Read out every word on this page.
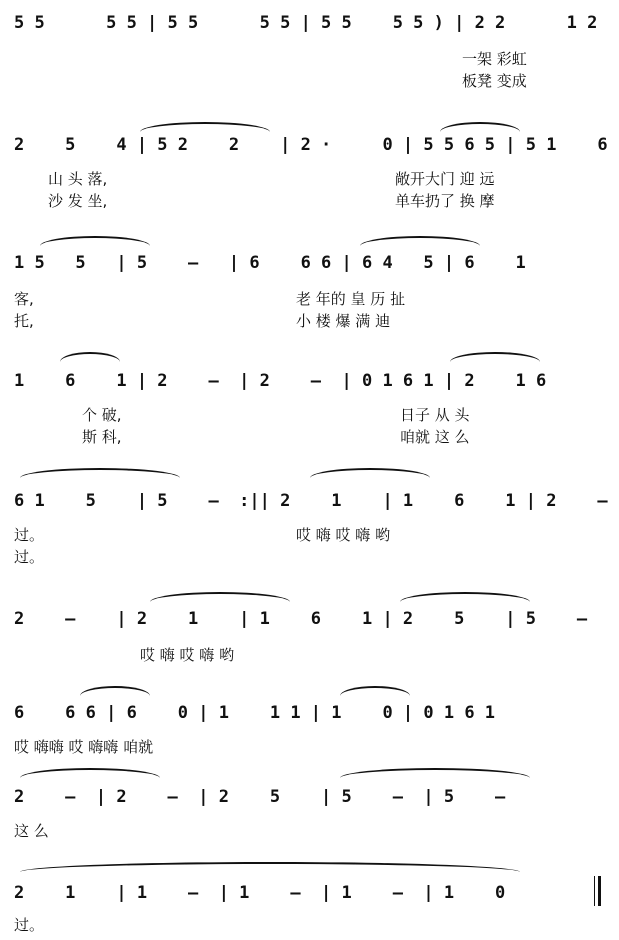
5 5      5 5 | 5 5      5 5 | 5 5    5 5 ) | 2 2      1 2
一架 彩虹
板凳 变成
2    5    4 | 5 2    2    | 2 ·     0 | 5 5 6 5 | 5 1    6
山 头 落,	敞开大门 迎 远
沙 发 坐,	单车扔了 换 摩
1 5   5   | 5    —   | 6    6 6 | 6 4   5 | 6    1
客,	老 年的 皇 历 扯
托,	小 楼 爆 满 迪
1    6    1 | 2    —  | 2    —  | 0 1 6 1 | 2    1 6
个 破,	日子 从 头
斯 科,	咱就 这 么
6 1    5    | 5    —  :|| 2    1    | 1    6    1 | 2    —
过。	哎 嗨 哎 嗨 哟
过。
2    —    | 2    1    | 1    6    1 | 2    5    | 5    —
哎 嗨 哎 嗨 哟
6    6 6 | 6    0 | 1    1 1 | 1    0 | 0 1 6 1
哎 嗨嗨 哎 嗨嗨 咱就
2    —  | 2    —  | 2    5    | 5    —  | 5    —
这 么
2    1    | 1    —  | 1    —  | 1    —  | 1    0
过。
